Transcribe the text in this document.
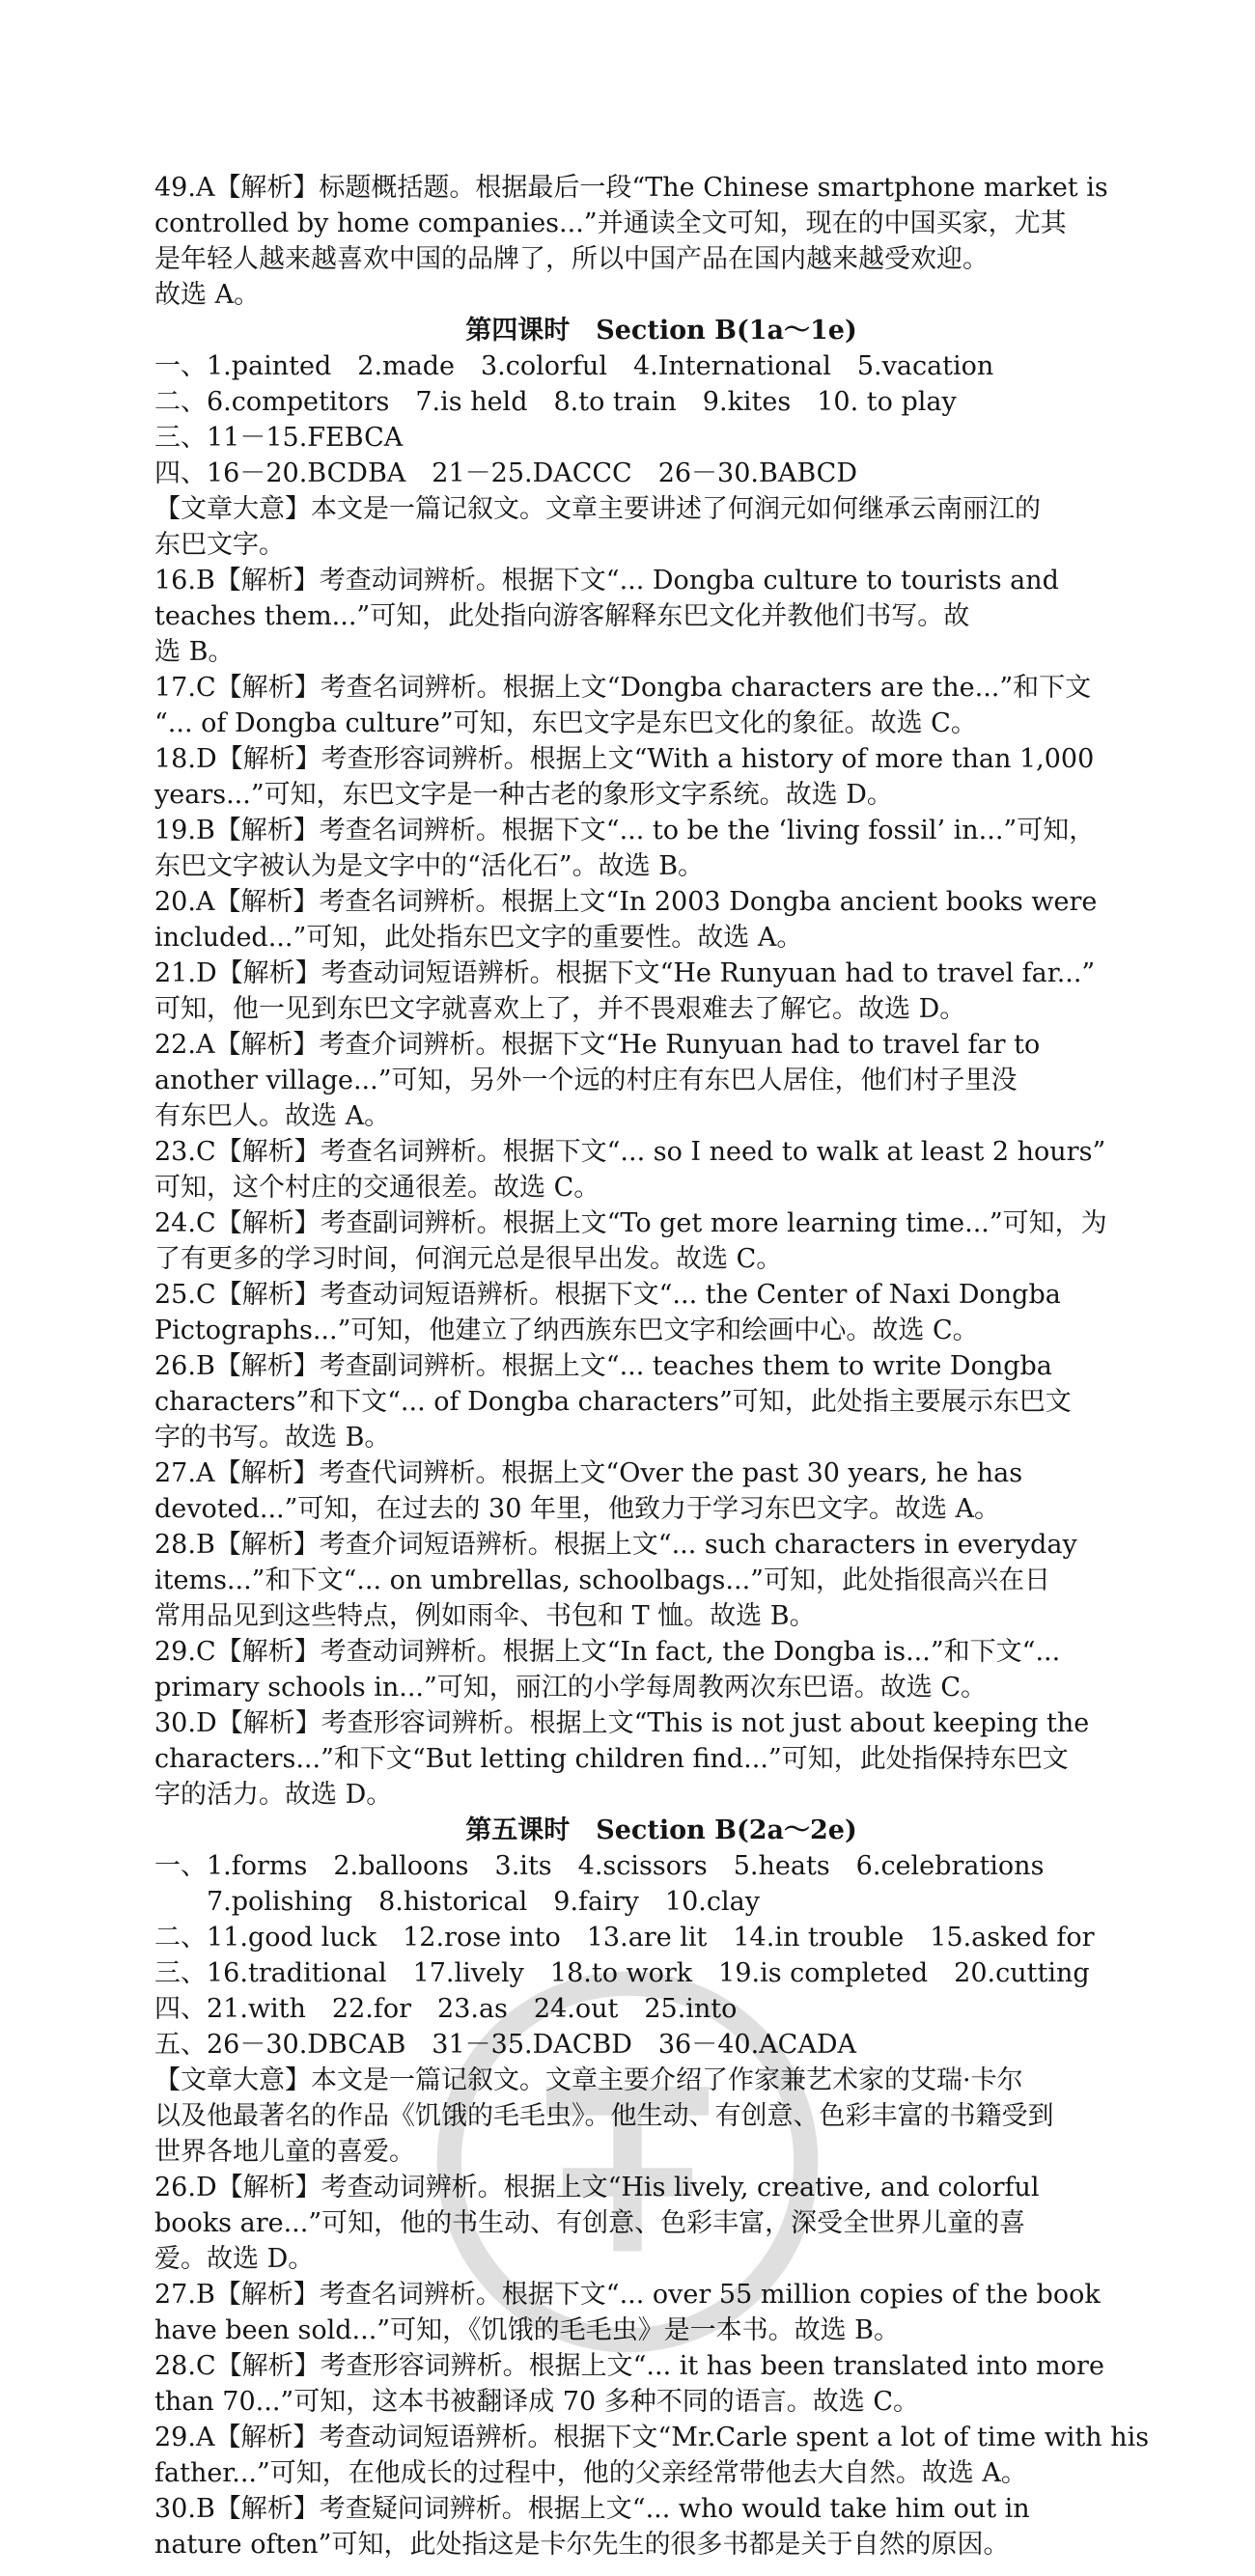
49.A【解析】标题概括题。根据最后一段“The Chinese smartphone market is
controlled by home companies...”并通读全文可知，现在的中国买家，尤其
是年轻人越来越喜欢中国的品牌了，所以中国产品在国内越来越受欢迎。
故选 A。
第四课时　Section B(1a～1e)
一、1.painted　2.made　3.colorful　4.International　5.vacation
二、6.competitors　7.is held　8.to train　9.kites　10. to play
三、11－15.FEBCA
四、16－20.BCDBA　21－25.DACCC　26－30.BABCD
【文章大意】本文是一篇记叙文。文章主要讲述了何润元如何继承云南丽江的
东巴文字。
16.B【解析】考查动词辨析。根据下文“... Dongba culture to tourists and
teaches them...”可知，此处指向游客解释东巴文化并教他们书写。故
选 B。
17.C【解析】考查名词辨析。根据上文“Dongba characters are the...”和下文
“... of Dongba culture”可知，东巴文字是东巴文化的象征。故选 C。
18.D【解析】考查形容词辨析。根据上文“With a history of more than 1,000
years...”可知，东巴文字是一种古老的象形文字系统。故选 D。
19.B【解析】考查名词辨析。根据下文“... to be the ‘living fossil’ in...”可知，
东巴文字被认为是文字中的“活化石”。故选 B。
20.A【解析】考查名词辨析。根据上文“In 2003 Dongba ancient books were
included...”可知，此处指东巴文字的重要性。故选 A。
21.D【解析】考查动词短语辨析。根据下文“He Runyuan had to travel far...”
可知，他一见到东巴文字就喜欢上了，并不畏艰难去了解它。故选 D。
22.A【解析】考查介词辨析。根据下文“He Runyuan had to travel far to
another village...”可知，另外一个远的村庄有东巴人居住，他们村子里没
有东巴人。故选 A。
23.C【解析】考查名词辨析。根据下文“... so I need to walk at least 2 hours”
可知，这个村庄的交通很差。故选 C。
24.C【解析】考查副词辨析。根据上文“To get more learning time...”可知，为
了有更多的学习时间，何润元总是很早出发。故选 C。
25.C【解析】考查动词短语辨析。根据下文“... the Center of Naxi Dongba
Pictographs...”可知，他建立了纳西族东巴文字和绘画中心。故选 C。
26.B【解析】考查副词辨析。根据上文“... teaches them to write Dongba
characters”和下文“... of Dongba characters”可知，此处指主要展示东巴文
字的书写。故选 B。
27.A【解析】考查代词辨析。根据上文“Over the past 30 years, he has
devoted...”可知，在过去的 30 年里，他致力于学习东巴文字。故选 A。
28.B【解析】考查介词短语辨析。根据上文“... such characters in everyday
items...”和下文“... on umbrellas, schoolbags...”可知，此处指很高兴在日
常用品见到这些特点，例如雨伞、书包和 T 恤。故选 B。
29.C【解析】考查动词辨析。根据上文“In fact, the Dongba is...”和下文“...
primary schools in...”可知，丽江的小学每周教两次东巴语。故选 C。
30.D【解析】考查形容词辨析。根据上文“This is not just about keeping the
characters...”和下文“But letting children find...”可知，此处指保持东巴文
字的活力。故选 D。
第五课时　Section B(2a～2e)
一、1.forms　2.balloons　3.its　4.scissors　5.heats　6.celebrations
　　7.polishing　8.historical　9.fairy　10.clay
二、11.good luck　12.rose into　13.are lit　14.in trouble　15.asked for
三、16.traditional　17.lively　18.to work　19.is completed　20.cutting
四、21.with　22.for　23.as　24.out　25.into
五、26－30.DBCAB　31－35.DACBD　36－40.ACADA
【文章大意】本文是一篇记叙文。文章主要介绍了作家兼艺术家的艾瑞·卡尔
以及他最著名的作品《饥饿的毛毛虫》。他生动、有创意、色彩丰富的书籍受到
世界各地儿童的喜爱。
26.D【解析】考查动词辨析。根据上文“His lively, creative, and colorful
books are...”可知，他的书生动、有创意、色彩丰富，深受全世界儿童的喜
爱。故选 D。
27.B【解析】考查名词辨析。根据下文“... over 55 million copies of the book
have been sold...”可知，《饥饿的毛毛虫》是一本书。故选 B。
28.C【解析】考查形容词辨析。根据上文“... it has been translated into more
than 70...”可知，这本书被翻译成 70 多种不同的语言。故选 C。
29.A【解析】考查动词短语辨析。根据下文“Mr.Carle spent a lot of time with his
father...”可知，在他成长的过程中，他的父亲经常带他去大自然。故选 A。
30.B【解析】考查疑问词辨析。根据上文“... who would take him out in
nature often”可知，此处指这是卡尔先生的很多书都是关于自然的原因。
